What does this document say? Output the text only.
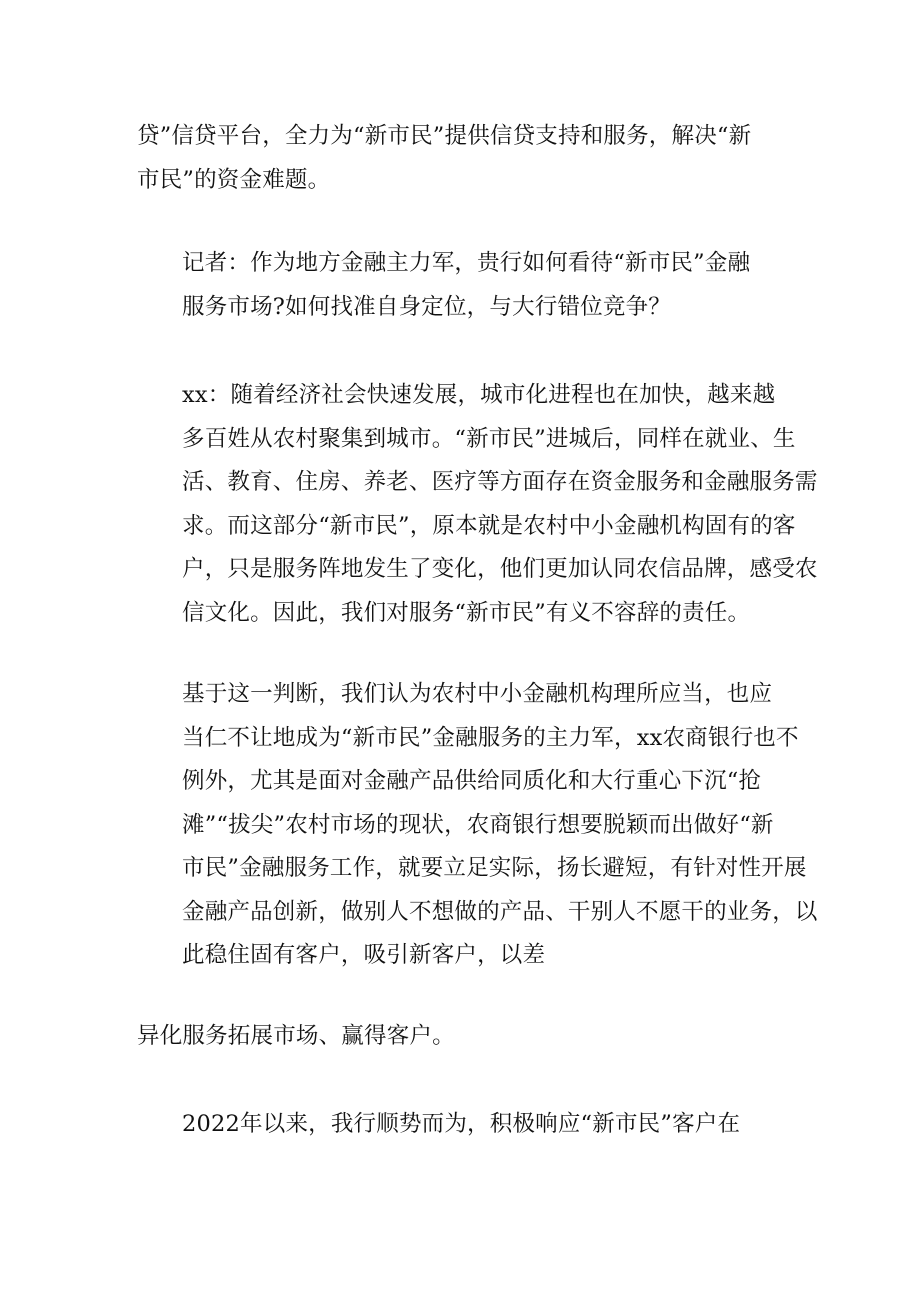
贷”信贷平台，全力为“新市民”提供信贷支持和服务，解决“新
市民”的资金难题。

记者：作为地方金融主力军，贵行如何看待“新市民”金融
服务市场?如何找准自身定位，与大行错位竞争？

xx：随着经济社会快速发展，城市化进程也在加快，越来越
多百姓从农村聚集到城市。“新市民”进城后，同样在就业、生
活、教育、住房、养老、医疗等方面存在资金服务和金融服务需
求。而这部分“新市民”，原本就是农村中小金融机构固有的客
户，只是服务阵地发生了变化，他们更加认同农信品牌，感受农
信文化。因此，我们对服务“新市民”有义不容辞的责任。

基于这一判断，我们认为农村中小金融机构理所应当，也应
当仁不让地成为“新市民”金融服务的主力军，xx农商银行也不
例外，尤其是面对金融产品供给同质化和大行重心下沉“抢
滩”“拔尖”农村市场的现状，农商银行想要脱颖而出做好“新
市民”金融服务工作，就要立足实际，扬长避短，有针对性开展
金融产品创新，做别人不想做的产品、干别人不愿干的业务，以
此稳住固有客户，吸引新客户，以差

异化服务拓展市场、赢得客户。

2022年以来，我行顺势而为，积极响应“新市民”客户在
